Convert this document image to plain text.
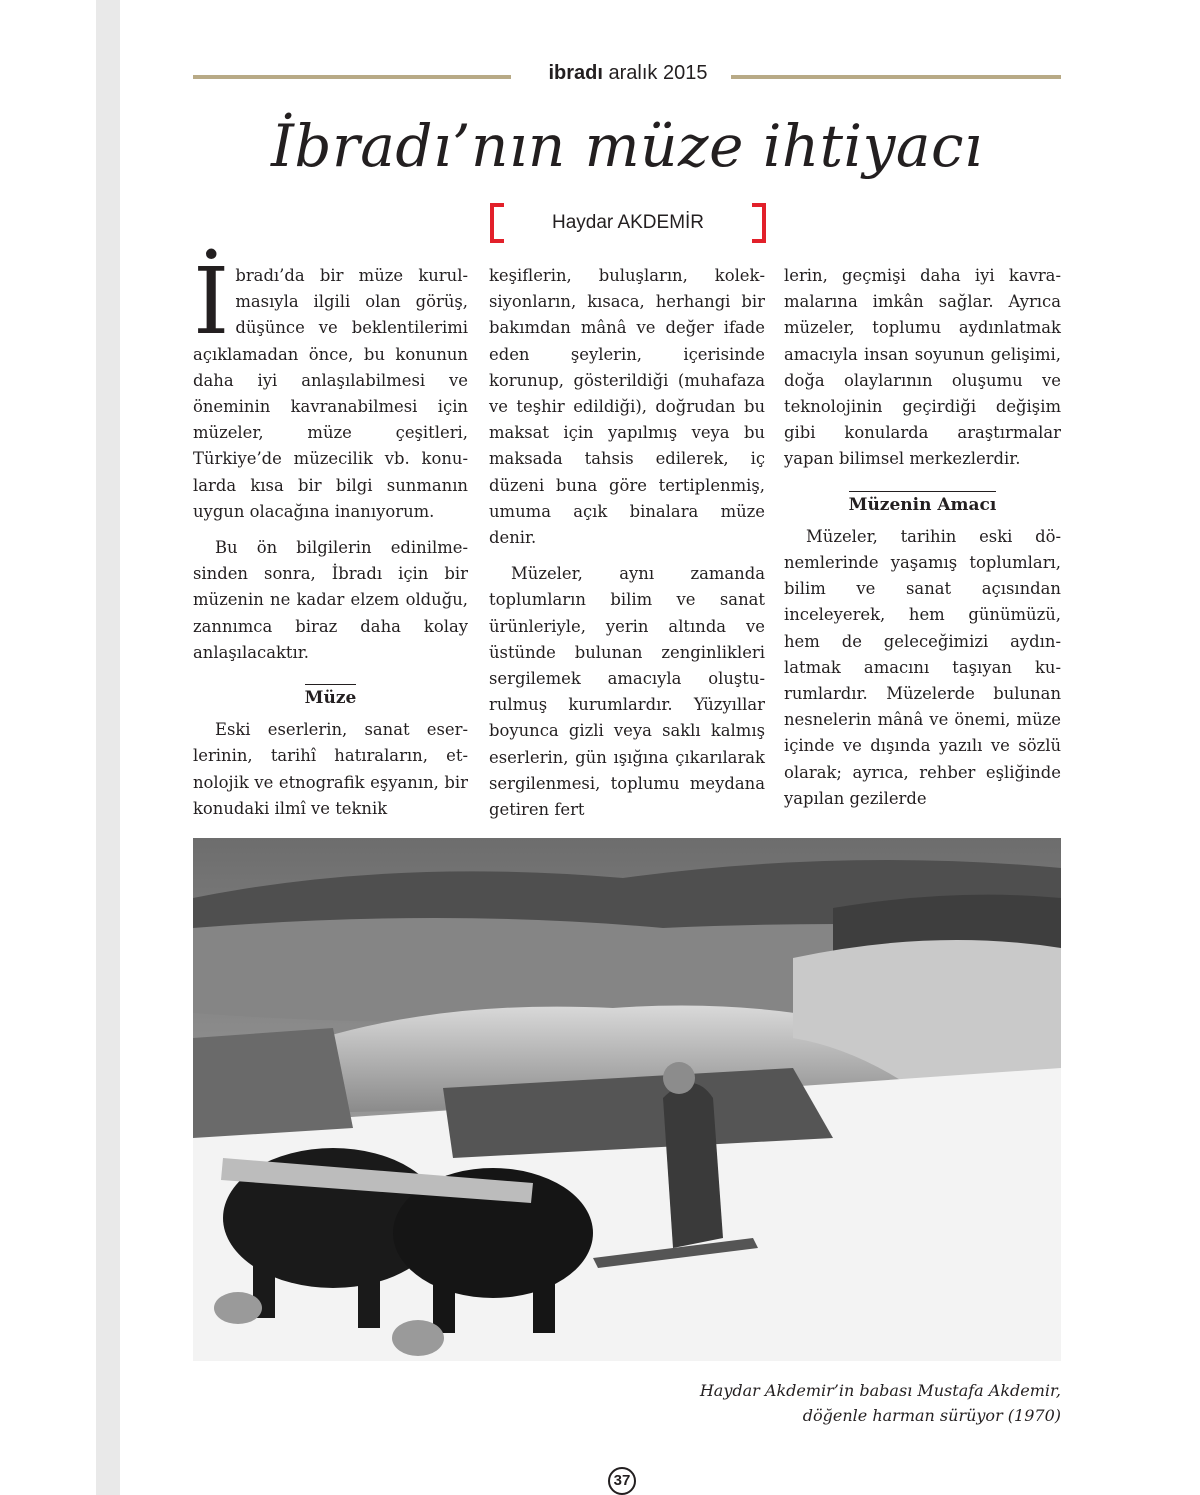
ibradı aralık 2015
İbradı’nın müze ihtiyacı
Haydar AKDEMİR

İbradı’da bir müze kurulmasıyla ilgili olan görüş, düşünce ve beklentilerimi açıklamadan önce, bu konunun daha iyi anlaşılabilmesi ve öneminin kavranabilmesi için müzeler, müze çeşitleri, Türkiye’de müzecilik vb. konularda kısa bir bilgi sunmanın uygun olacağına inanıyorum.

Bu ön bilgilerin edinilmesinden sonra, İbradı için bir müzenin ne kadar elzem olduğu, zannımca biraz daha kolay anlaşılacaktır.

Müze

Eski eserlerin, sanat eserlerinin, tarihî hatıraların, etnolojik ve etnografik eşyanın, bir konudaki ilmî ve teknik

keşiflerin, buluşların, koleksiyonların, kısaca, herhangi bir bakımdan mânâ ve değer ifade eden şeylerin, içerisinde korunup, gösterildiği (muhafaza ve teşhir edildiği), doğrudan bu maksat için yapılmış veya bu maksada tahsis edilerek, iç düzeni buna göre tertiplenmiş, umuma açık binalara müze denir.

Müzeler, aynı zamanda toplumların bilim ve sanat ürünleriyle, yerin altında ve üstünde bulunan zenginlikleri sergilemek amacıyla oluşturulmuş kurumlardır. Yüzyıllar boyunca gizli veya saklı kalmış eserlerin, gün ışığına çıkarılarak sergilenmesi, toplumu meydana getiren fert

lerin, geçmişi daha iyi kavramalarına imkân sağlar. Ayrıca müzeler, toplumu aydınlatmak amacıyla insan soyunun gelişimi, doğa olaylarının oluşumu ve teknolojinin geçirdiği değişim gibi konularda araştırmalar yapan bilimsel merkezlerdir.

Müzenin Amacı

Müzeler, tarihin eski dönemlerinde yaşamış toplumları, bilim ve sanat açısından inceleyerek, hem günümüzü, hem de geleceğimizi aydınlatmak amacını taşıyan kurumlardır. Müzelerde bulunan nesnelerin mânâ ve önemi, müze içinde ve dışında yazılı ve sözlü olarak; ayrıca, rehber eşliğinde yapılan gezilerde

Haydar Akdemir’in babası Mustafa Akdemir,
döğenle harman sürüyor (1970)
37
